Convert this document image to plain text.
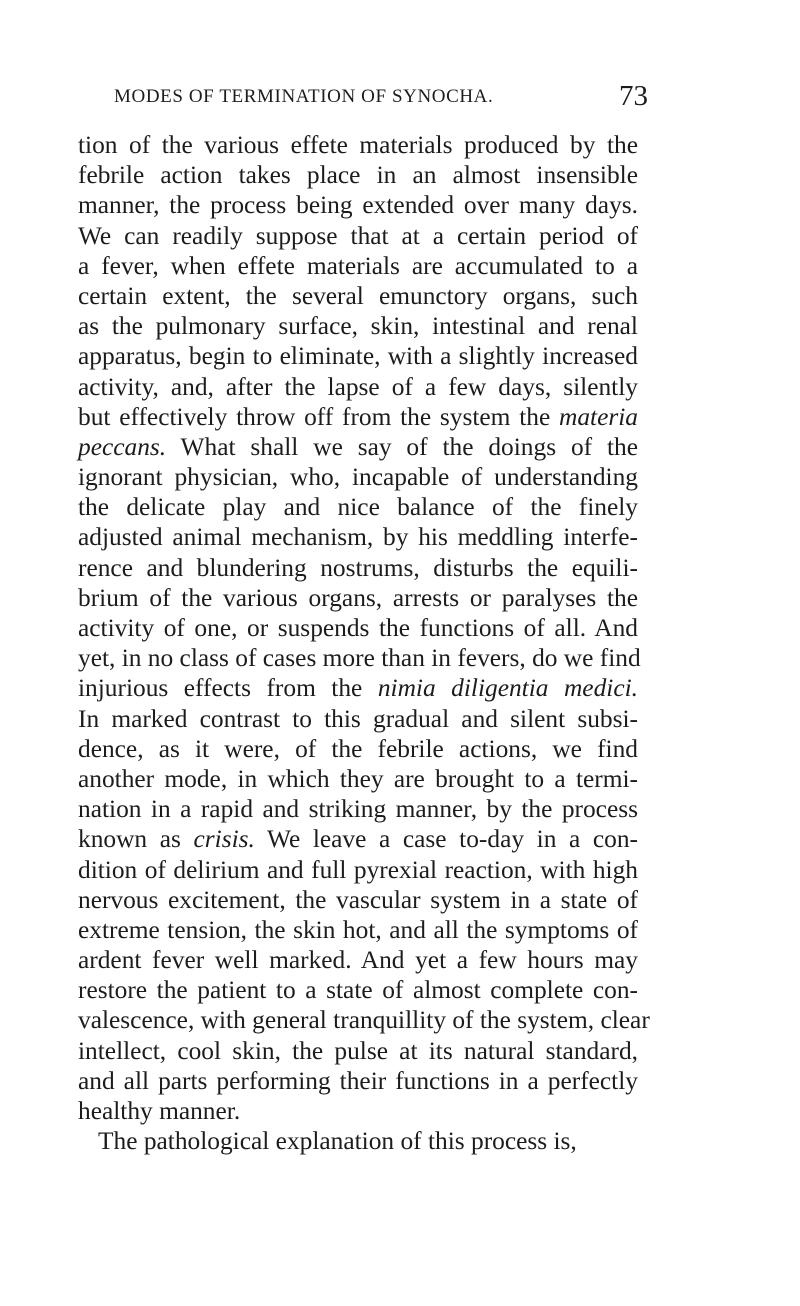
MODES OF TERMINATION OF SYNOCHA.	73
tion of the various effete materials produced by the
febrile action takes place in an almost insensible
manner, the process being extended over many days.
We can readily suppose that at a certain period of
a fever, when effete materials are accumulated to a
certain extent, the several emunctory organs, such
as the pulmonary surface, skin, intestinal and renal
apparatus, begin to eliminate, with a slightly increased
activity, and, after the lapse of a few days, silently
but effectively throw off from the system the materia
peccans. What shall we say of the doings of the
ignorant physician, who, incapable of understanding
the delicate play and nice balance of the finely
adjusted animal mechanism, by his meddling interfe-
rence and blundering nostrums, disturbs the equili-
brium of the various organs, arrests or paralyses the
activity of one, or suspends the functions of all. And
yet, in no class of cases more than in fevers, do we find
injurious effects from the nimia diligentia medici.
In marked contrast to this gradual and silent subsi-
dence, as it were, of the febrile actions, we find
another mode, in which they are brought to a termi-
nation in a rapid and striking manner, by the process
known as crisis. We leave a case to-day in a con-
dition of delirium and full pyrexial reaction, with high
nervous excitement, the vascular system in a state of
extreme tension, the skin hot, and all the symptoms of
ardent fever well marked. And yet a few hours may
restore the patient to a state of almost complete con-
valescence, with general tranquillity of the system, clear
intellect, cool skin, the pulse at its natural standard,
and all parts performing their functions in a perfectly
healthy manner.
The pathological explanation of this process is,
